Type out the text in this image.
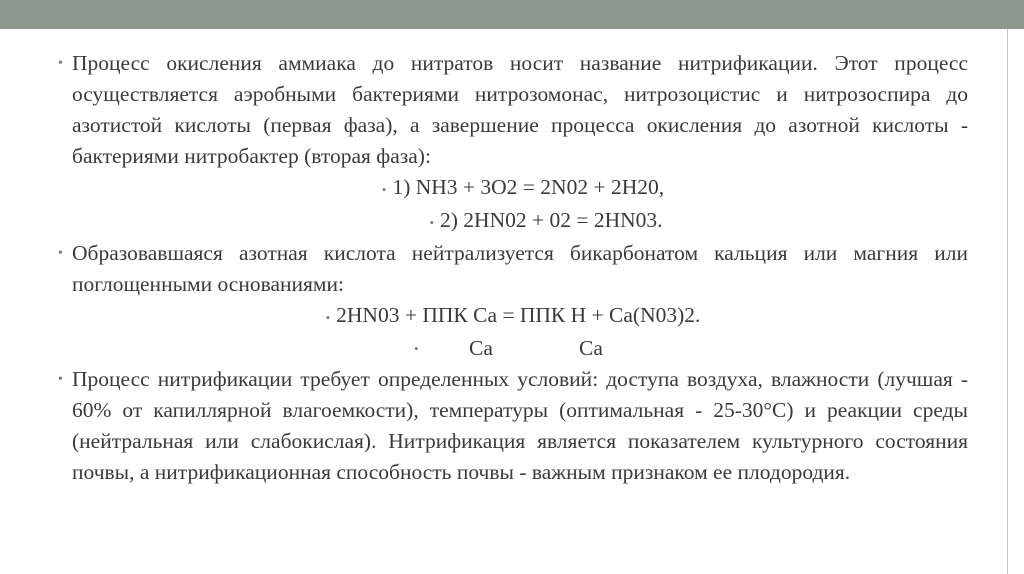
• Процесс окисления аммиака до нитратов носит название нитрификации. Этот процесс осуществляется аэробными бактериями нитрозомонас, нитрозоцистис и нитрозоспира до азотистой кислоты (первая фаза), а завершение процесса окисления до азотной кислоты - бактериями нитробактер (вторая фаза):

• 1) NH3 + 3O2 = 2N02 + 2H20,

• 2) 2HN02 + 02 = 2HN03.

• Образовавшаяся азотная кислота нейтрализуется бикарбонатом кальция или магния или поглощенными основаниями:

• 2HN03 + ППК Са = ППК Н + Са(N03)2.

• Са	Са

• Процесс нитрификации требует определенных условий: доступа воздуха, влажности (лучшая - 60% от капиллярной влагоемкости), температуры (оптимальная - 25-30°С) и реакции среды (нейтральная или слабокислая). Нитрификация является показателем культурного состояния почвы, а нитрификационная способность почвы - важным признаком ее плодородия.
